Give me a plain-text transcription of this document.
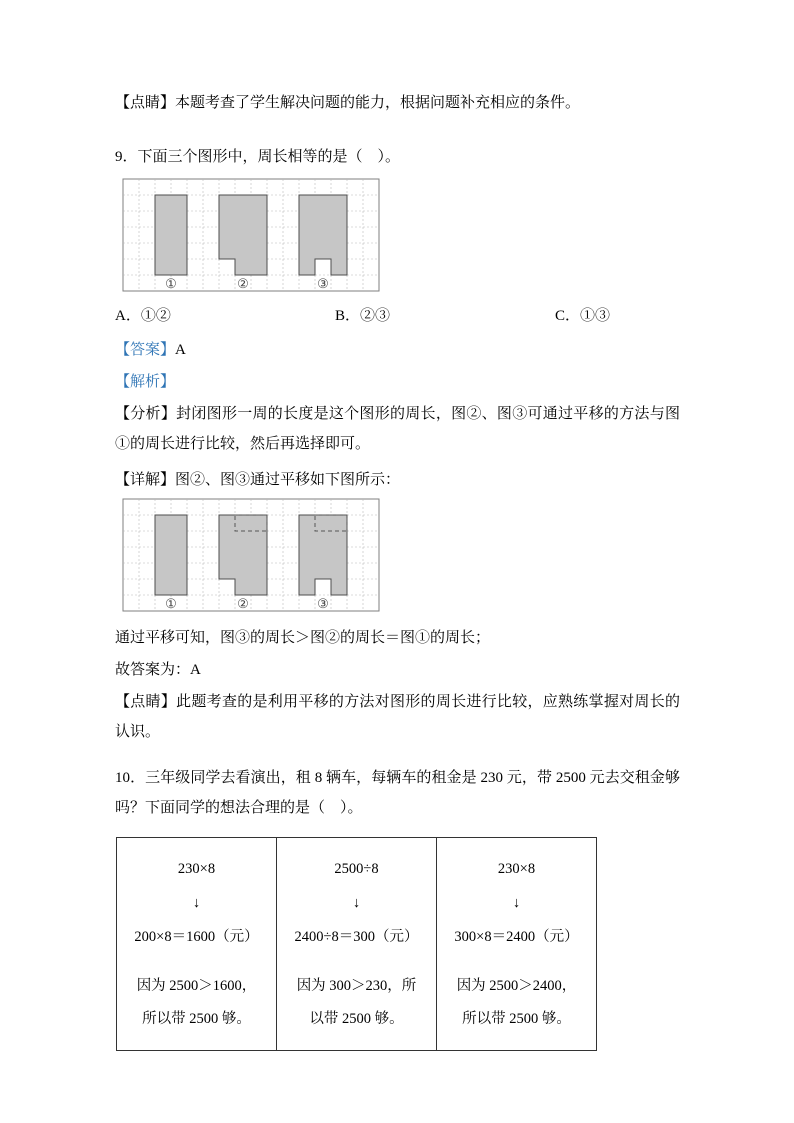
【点睛】本题考查了学生解决问题的能力，根据问题补充相应的条件。

9．下面三个图形中，周长相等的是（　）。

①	②	③
A．①②	B．②③	C．①③

【答案】A

【解析】

【分析】封闭图形一周的长度是这个图形的周长，图②、图③可通过平移的方法与图①的周长进行比较，然后再选择即可。

【详解】图②、图③通过平移如下图所示：

①	②	③

通过平移可知，图③的周长＞图②的周长＝图①的周长；

故答案为：A

【点睛】此题考查的是利用平移的方法对图形的周长进行比较，应熟练掌握对周长的认识。

10．三年级同学去看演出，租 8 辆车，每辆车的租金是 230 元，带 2500 元去交租金够吗？下面同学的想法合理的是（　）。

230×8
↓
200×8＝1600（元）
因为 2500＞1600，
所以带 2500 够。

2500÷8
↓
2400÷8＝300（元）
因为 300＞230，所
以带 2500 够。

230×8
↓
300×8＝2400（元）
因为 2500＞2400，
所以带 2500 够。
